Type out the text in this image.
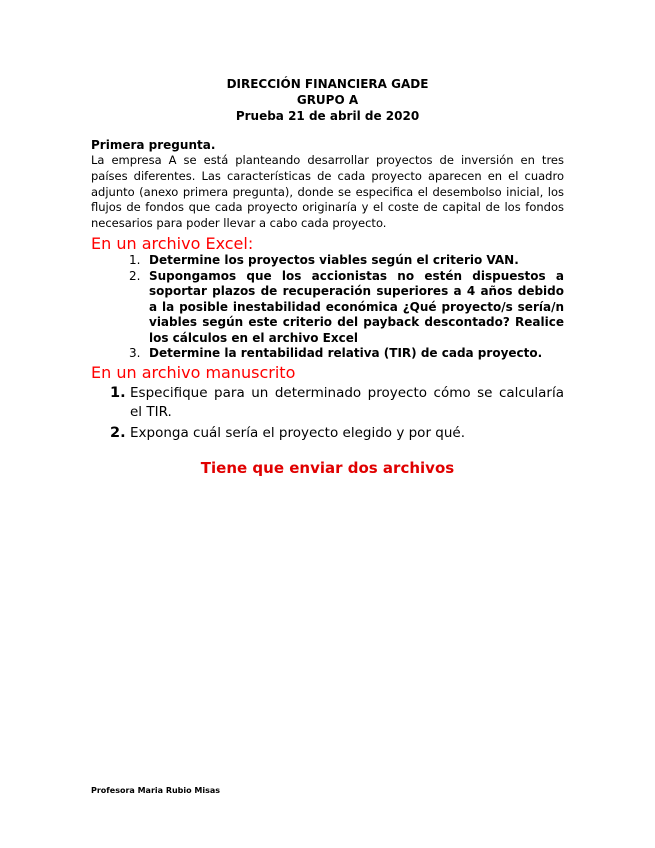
DIRECCIÓN FINANCIERA GADE
GRUPO A
Prueba 21 de abril de 2020
Primera pregunta.
La empresa A se está planteando desarrollar proyectos de inversión en tres países diferentes. Las características de cada proyecto aparecen en el cuadro adjunto (anexo primera pregunta), donde se especifica el desembolso inicial, los flujos de fondos que cada proyecto originaría y el coste de capital de los fondos necesarios para poder llevar a cabo cada proyecto.
En un archivo Excel:
1. Determine los proyectos viables según el criterio VAN.
2. Supongamos que los accionistas no estén dispuestos a soportar plazos de recuperación superiores a 4 años debido a la posible inestabilidad económica ¿Qué proyecto/s sería/n viables según este criterio del payback descontado? Realice los cálculos en el archivo Excel
3. Determine la rentabilidad relativa (TIR) de cada proyecto.
En un archivo manuscrito
1. Especifique para un determinado proyecto cómo se calcularía el TIR.
2. Exponga cuál sería el proyecto elegido y por qué.
Tiene que enviar dos archivos
Profesora Maria Rubio Misas
